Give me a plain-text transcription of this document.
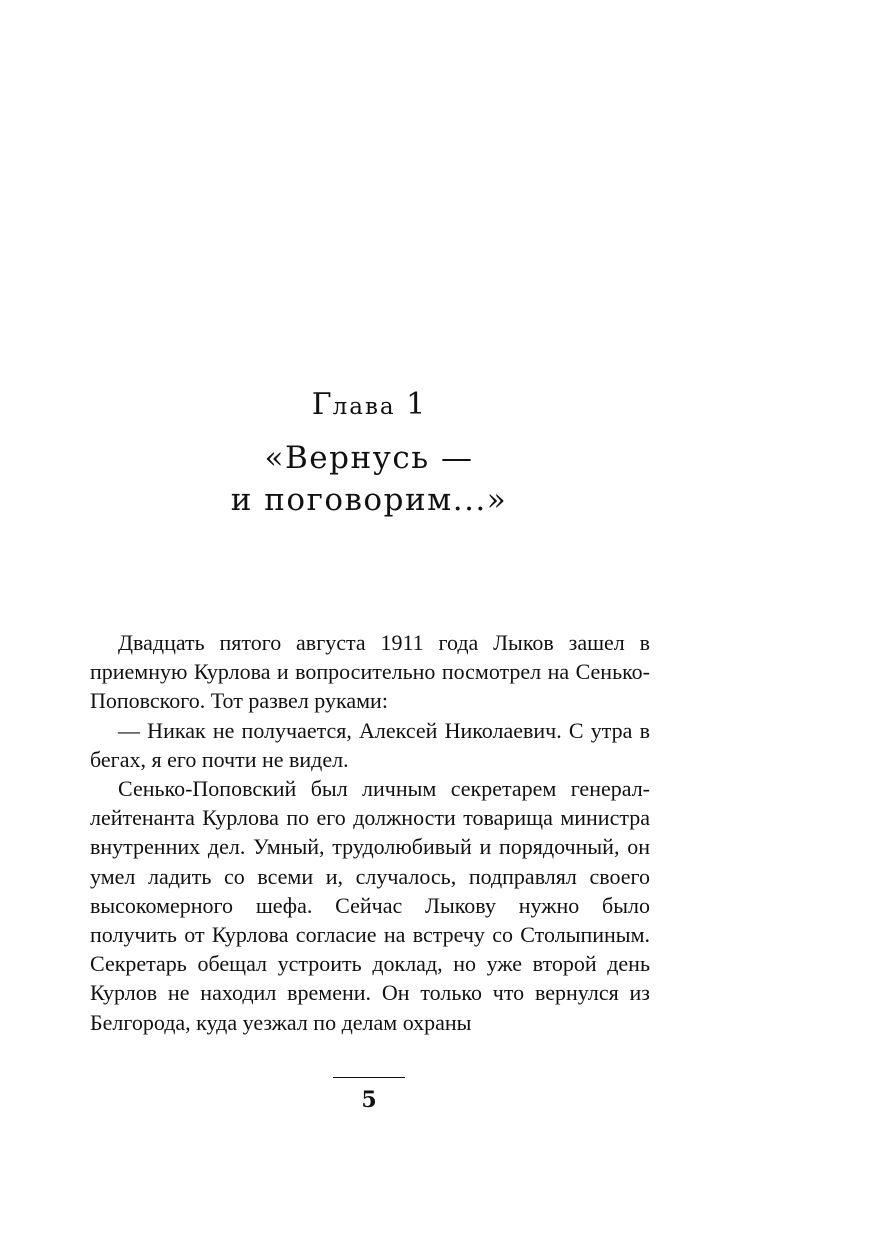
Глава 1
«Вернусь —
и поговорим...»

Двадцать пятого августа 1911 года Лыков зашел в приемную Курлова и вопросительно посмотрел на Сенько-Поповского. Тот развел руками:

— Никак не получается, Алексей Николаевич. С утра в бегах, я его почти не видел.

Сенько-Поповский был личным секретарем генерал-лейтенанта Курлова по его должности товарища министра внутренних дел. Умный, трудолюбивый и порядочный, он умел ладить со всеми и, случалось, подправлял своего высокомерного шефа. Сейчас Лыкову нужно было получить от Курлова согласие на встречу со Столыпиным. Секретарь обещал устроить доклад, но уже второй день Курлов не находил времени. Он только что вернулся из Белгорода, куда уезжал по делам охраны

5
